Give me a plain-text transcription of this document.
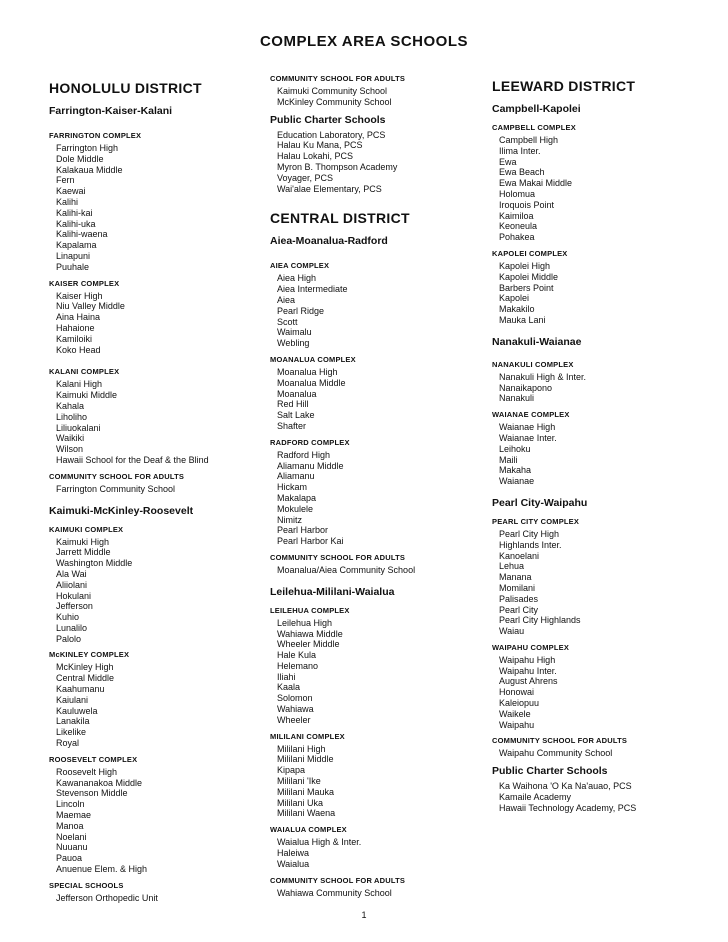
COMPLEX AREA SCHOOLS
HONOLULU DISTRICT
Farrington-Kaiser-Kalani
FARRINGTON COMPLEX
Farrington High
Dole Middle
Kalakaua Middle
Fern
Kaewai
Kalihi
Kalihi-kai
Kalihi-uka
Kalihi-waena
Kapalama
Linapuni
Puuhale
KAISER COMPLEX
Kaiser High
Niu Valley Middle
Aina Haina
Hahaione
Kamiloiki
Koko Head
KALANI COMPLEX
Kalani High
Kaimuki Middle
Kahala
Liholiho
Liliuokalani
Waikiki
Wilson
Hawaii School for the Deaf & the Blind
COMMUNITY SCHOOL FOR ADULTS
Farrington Community School
Kaimuki-McKinley-Roosevelt
KAIMUKI COMPLEX
Kaimuki High
Jarrett Middle
Washington Middle
Ala Wai
Aliiolani
Hokulani
Jefferson
Kuhio
Lunalilo
Palolo
McKINLEY COMPLEX
McKinley High
Central Middle
Kaahumanu
Kaiulani
Kauluwela
Lanakila
Likelike
Royal
ROOSEVELT COMPLEX
Roosevelt High
Kawananakoa Middle
Stevenson Middle
Lincoln
Maemae
Manoa
Noelani
Nuuanu
Pauoa
Anuenue Elem. & High
SPECIAL SCHOOLS
Jefferson Orthopedic Unit
COMMUNITY SCHOOL FOR ADULTS
Kaimuki Community School
McKinley Community School
Public Charter Schools
Education Laboratory, PCS
Halau Ku Mana, PCS
Halau Lokahi, PCS
Myron B. Thompson Academy
Voyager, PCS
Wai'alae Elementary, PCS
CENTRAL DISTRICT
Aiea-Moanalua-Radford
AIEA COMPLEX
Aiea High
Aiea Intermediate
Aiea
Pearl Ridge
Scott
Waimalu
Webling
MOANALUA COMPLEX
Moanalua High
Moanalua Middle
Moanalua
Red Hill
Salt Lake
Shafter
RADFORD COMPLEX
Radford High
Aliamanu Middle
Aliamanu
Hickam
Makalapa
Mokulele
Nimitz
Pearl Harbor
Pearl Harbor Kai
COMMUNITY SCHOOL FOR ADULTS
Moanalua/Aiea Community School
Leilehua-Mililani-Waialua
LEILEHUA COMPLEX
Leilehua High
Wahiawa Middle
Wheeler Middle
Hale Kula
Helemano
Iliahi
Kaala
Solomon
Wahiawa
Wheeler
MILILANI COMPLEX
Mililani High
Mililani Middle
Kipapa
Mililani 'Ike
Mililani Mauka
Mililani Uka
Mililani Waena
WAIALUA COMPLEX
Waialua High & Inter.
Haleiwa
Waialua
COMMUNITY SCHOOL FOR ADULTS
Wahiawa Community School
LEEWARD DISTRICT
Campbell-Kapolei
CAMPBELL COMPLEX
Campbell High
Ilima Inter.
Ewa
Ewa Beach
Ewa Makai Middle
Holomua
Iroquois Point
Kaimiloa
Keoneula
Pohakea
KAPOLEI COMPLEX
Kapolei High
Kapolei Middle
Barbers Point
Kapolei
Makakilo
Mauka Lani
Nanakuli-Waianae
NANAKULI COMPLEX
Nanakuli High & Inter.
Nanaikapono
Nanakuli
WAIANAE COMPLEX
Waianae High
Waianae Inter.
Leihoku
Maili
Makaha
Waianae
Pearl City-Waipahu
PEARL CITY COMPLEX
Pearl City High
Highlands Inter.
Kanoelani
Lehua
Manana
Momilani
Palisades
Pearl City
Pearl City Highlands
Waiau
WAIPAHU COMPLEX
Waipahu High
Waipahu Inter.
August Ahrens
Honowai
Kaleiopuu
Waikele
Waipahu
COMMUNITY SCHOOL FOR ADULTS
Waipahu Community School
Public Charter Schools
Ka Waihona 'O Ka Na'auao, PCS
Kamaile Academy
Hawaii Technology Academy, PCS
1
